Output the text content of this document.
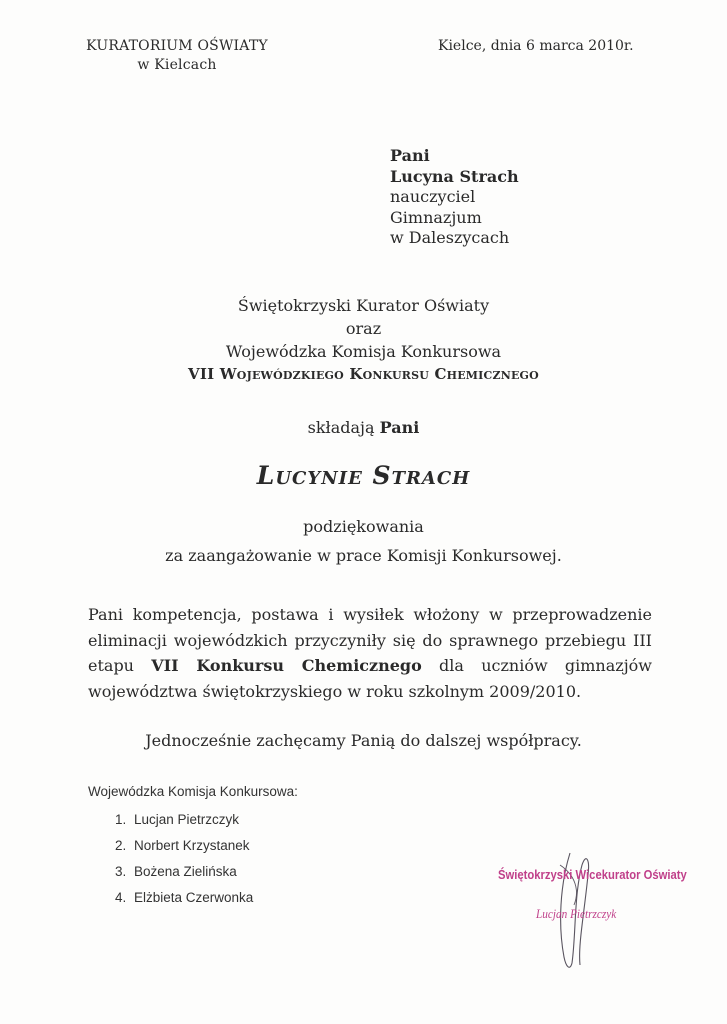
KURATORIUM OŚWIATY
w Kielcach
Kielce, dnia 6 marca 2010r.
Pani
Lucyna Strach
nauczyciel
Gimnazjum
w Daleszycach
Świętokrzyski Kurator Oświaty
oraz
Wojewódzka Komisja Konkursowa
VII Wojewódzkiego Konkursu Chemicznego
składają Pani
Lucynie Strach
podziękowania
za zaangażowanie w prace Komisji Konkursowej.
Pani kompetencja, postawa i wysiłek włożony w przeprowadzenie eliminacji wojewódzkich przyczyniły się do sprawnego przebiegu III etapu VII Konkursu Chemicznego dla uczniów gimnazjów województwa świętokrzyskiego w roku szkolnym 2009/2010.
Jednocześnie zachęcamy Panią do dalszej współpracy.
Wojewódzka Komisja Konkursowa:
1. Lucjan Pietrzczyk
2. Norbert Krzystanek
3. Bożena Zielińska
4. Elżbieta Czerwonka
Świętokrzyski Wicekurator Oświaty
Lucjan Pietrzczyk
